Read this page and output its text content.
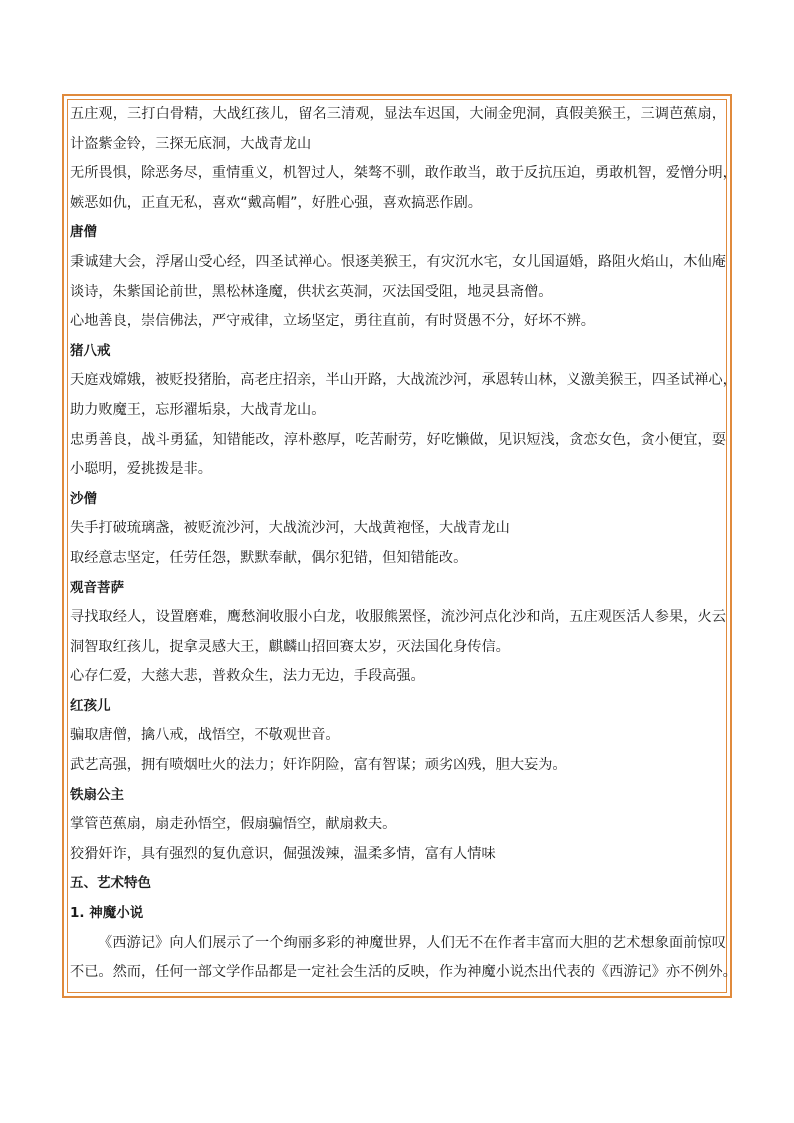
五庄观，三打白骨精，大战红孩儿，留名三清观，显法车迟国，大闹金兜洞，真假美猴王，三调芭蕉扇，
计盗紫金铃，三探无底洞，大战青龙山
无所畏惧，除恶务尽，重情重义，机智过人，桀骜不驯，敢作敢当，敢于反抗压迫，勇敢机智，爱憎分明，
嫉恶如仇，正直无私，喜欢“戴高帽”，好胜心强，喜欢搞恶作剧。
唐僧
秉诚建大会，浮屠山受心经，四圣试禅心。恨逐美猴王，有灾沉水宅，女儿国逼婚，路阻火焰山，木仙庵
谈诗，朱紫国论前世，黑松林逢魔，供状玄英洞，灭法国受阻，地灵县斋僧。
心地善良，崇信佛法，严守戒律，立场坚定，勇往直前，有时贤愚不分，好坏不辨。
猪八戒
天庭戏嫦娥，被贬投猪胎，高老庄招亲，半山开路，大战流沙河，承恩转山林，义激美猴王，四圣试禅心，
助力败魔王，忘形濯垢泉，大战青龙山。
忠勇善良，战斗勇猛，知错能改，淳朴憨厚，吃苦耐劳，好吃懒做，见识短浅，贪恋女色，贪小便宜，耍
小聪明，爱挑拨是非。
沙僧
失手打破琉璃盏，被贬流沙河，大战流沙河，大战黄袍怪，大战青龙山
取经意志坚定，任劳任怨，默默奉献，偶尔犯错，但知错能改。
观音菩萨
寻找取经人，设置磨难，鹰愁涧收服小白龙，收服熊罴怪，流沙河点化沙和尚，五庄观医活人参果，火云
洞智取红孩儿，捉拿灵感大王，麒麟山招回赛太岁，灭法国化身传信。
心存仁爱，大慈大悲，普救众生，法力无边，手段高强。
红孩儿
骗取唐僧，擒八戒，战悟空，不敬观世音。
武艺高强，拥有喷烟吐火的法力；奸诈阴险，富有智谋；顽劣凶残，胆大妄为。
铁扇公主
掌管芭蕉扇，扇走孙悟空，假扇骗悟空，献扇救夫。
狡猾奸诈，具有强烈的复仇意识，倔强泼辣，温柔多情，富有人情味
五、艺术特色
1. 神魔小说
《西游记》向人们展示了一个绚丽多彩的神魔世界，人们无不在作者丰富而大胆的艺术想象面前惊叹
不已。然而，任何一部文学作品都是一定社会生活的反映，作为神魔小说杰出代表的《西游记》亦不例外。
